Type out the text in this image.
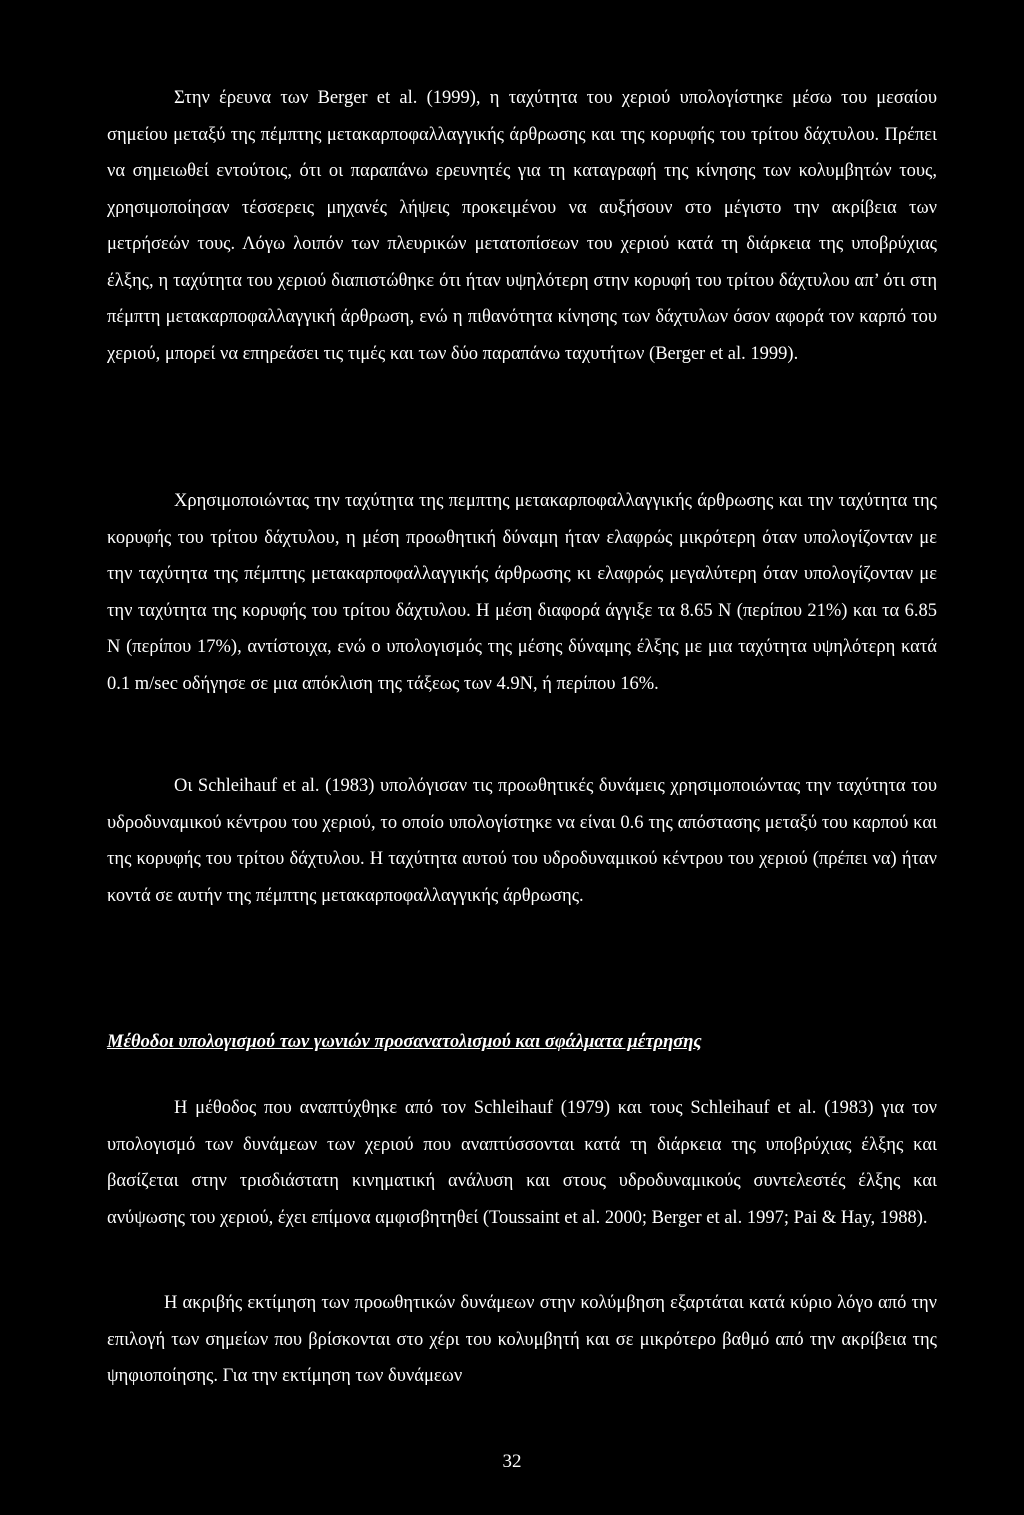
Στην έρευνα των Berger et al. (1999), η ταχύτητα του χεριού υπολογίστηκε μέσω του μεσαίου σημείου μεταξύ της πέμπτης μετακαρποφαλλαγγικής άρθρωσης και της κορυφής του τρίτου δάχτυλου. Πρέπει να σημειωθεί εντούτοις, ότι οι παραπάνω ερευνητές για τη καταγραφή της κίνησης των κολυμβητών τους, χρησιμοποίησαν τέσσερεις μηχανές λήψεις προκειμένου να αυξήσουν στο μέγιστο την ακρίβεια των μετρήσεών τους. Λόγω λοιπόν των πλευρικών μετατοπίσεων του χεριού κατά τη διάρκεια της υποβρύχιας έλξης, η ταχύτητα του χεριού διαπιστώθηκε ότι ήταν υψηλότερη στην κορυφή του τρίτου δάχτυλου απ’ ότι στη πέμπτη μετακαρποφαλλαγγική άρθρωση, ενώ η πιθανότητα κίνησης των δάχτυλων όσον αφορά τον καρπό του χεριού, μπορεί να επηρεάσει τις τιμές και των δύο παραπάνω ταχυτήτων (Berger et al. 1999).

Χρησιμοποιώντας την ταχύτητα της πεμπτης μετακαρποφαλλαγγικής άρθρωσης και την ταχύτητα της κορυφής του τρίτου δάχτυλου, η μέση προωθητική δύναμη ήταν ελαφρώς μικρότερη όταν υπολογίζονταν με την ταχύτητα της πέμπτης μετακαρποφαλλαγγικής άρθρωσης κι ελαφρώς μεγαλύτερη όταν υπολογίζονταν με την ταχύτητα της κορυφής του τρίτου δάχτυλου. Η μέση διαφορά άγγιξε τα 8.65 Ν (περίπου 21%) και τα 6.85 Ν (περίπου 17%), αντίστοιχα, ενώ ο υπολογισμός της μέσης δύναμης έλξης με μια ταχύτητα υψηλότερη κατά 0.1 m/sec οδήγησε σε μια απόκλιση της τάξεως των 4.9Ν, ή περίπου 16%.

Οι Schleihauf et al. (1983) υπολόγισαν τις προωθητικές δυνάμεις χρησιμοποιώντας την ταχύτητα του υδροδυναμικού κέντρου του χεριού, το οποίο υπολογίστηκε να είναι 0.6 της απόστασης μεταξύ του καρπού και της κορυφής του τρίτου δάχτυλου. Η ταχύτητα αυτού του υδροδυναμικού κέντρου του χεριού (πρέπει να) ήταν κοντά σε αυτήν της πέμπτης μετακαρποφαλλαγγικής άρθρωσης.

Μέθοδοι υπολογισμού των γωνιών προσανατολισμού και σφάλματα μέτρησης

Η μέθοδος που αναπτύχθηκε από τον Schleihauf (1979) και τους Schleihauf et al. (1983) για τον υπολογισμό των δυνάμεων των χεριού που αναπτύσσονται κατά τη διάρκεια της υποβρύχιας έλξης και βασίζεται στην τρισδιάστατη κινηματική ανάλυση και στους υδροδυναμικούς συντελεστές έλξης και ανύψωσης του χεριού, έχει επίμονα αμφισβητηθεί (Toussaint et al. 2000; Berger et al. 1997; Pai & Hay, 1988).

Η ακριβής εκτίμηση των προωθητικών δυνάμεων στην κολύμβηση εξαρτάται κατά κύριο λόγο από την επιλογή των σημείων που βρίσκονται στο χέρι του κολυμβητή και σε μικρότερο βαθμό από την ακρίβεια της ψηφιοποίησης. Για την εκτίμηση των δυνάμεων

32
